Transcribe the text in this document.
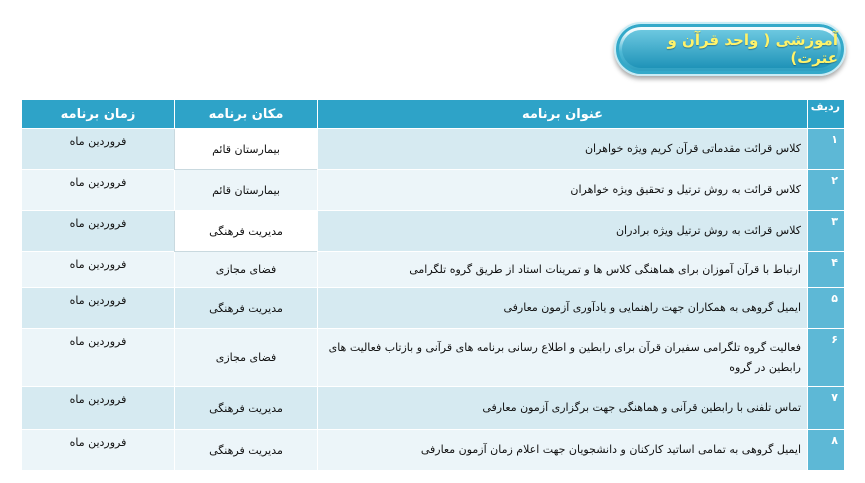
آموزشی ( واحد قرآن و عترت)
ردیف	عنوان برنامه	مکان برنامه	زمان برنامه
۱	کلاس قرائت مقدماتی قرآن کریم ویژه خواهران	بیمارستان قائم	فروردین ماه
۲	کلاس قرائت به روش ترتیل و تحقیق ویژه خواهران	بیمارستان قائم	فروردین ماه
۳	کلاس قرائت به روش ترتیل ویژه برادران	مدیریت فرهنگی	فروردین ماه
۴	ارتباط با قرآن آموزان برای هماهنگی کلاس ها و تمرینات استاد از طریق گروه تلگرامی	فضای مجازی	فروردین ماه
۵	ایمیل گروهی به همکاران جهت راهنمایی و یادآوری آزمون معارفی	مدیریت فرهنگی	فروردین ماه
۶	فعالیت گروه تلگرامی سفیران قرآن برای رابطین و اطلاع رسانی برنامه های قرآنی و بازتاب فعالیت های رابطین در گروه	فضای مجازی	فروردین ماه
۷	تماس تلفنی با رابطین قرآنی و هماهنگی جهت برگزاری آزمون معارفی	مدیریت فرهنگی	فروردین ماه
۸	ایمیل گروهی به تمامی اساتید کارکنان و دانشجویان جهت اعلام زمان آزمون معارفی	مدیریت فرهنگی	فروردین ماه
